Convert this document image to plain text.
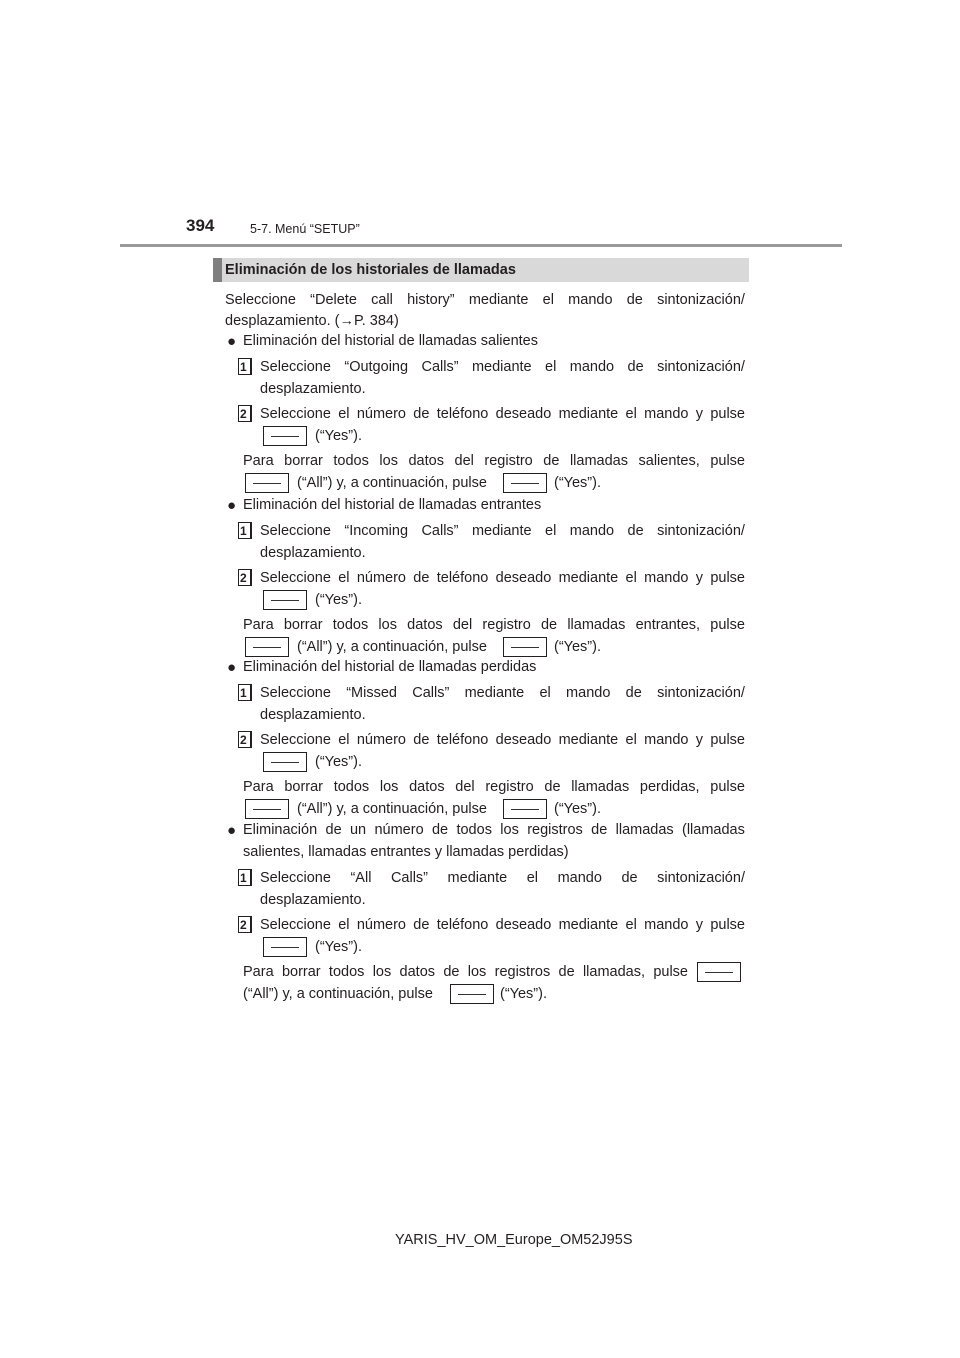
394	5-7. Menú “SETUP”
Eliminación de los historiales de llamadas
Seleccione “Delete call history” mediante el mando de sintonización/
desplazamiento. (→P. 384)
● Eliminación del historial de llamadas salientes
1 Seleccione “Outgoing Calls” mediante el mando de sintonización/
desplazamiento.
2 Seleccione el número de teléfono deseado mediante el mando y pulse
——	(“Yes”).
Para borrar todos los datos del registro de llamadas salientes, pulse
——	(“All”) y, a continuación, pulse	——	(“Yes”).
● Eliminación del historial de llamadas entrantes
1 Seleccione “Incoming Calls” mediante el mando de sintonización/
desplazamiento.
2 Seleccione el número de teléfono deseado mediante el mando y pulse
——	(“Yes”).
Para borrar todos los datos del registro de llamadas entrantes, pulse
——	(“All”) y, a continuación, pulse	——	(“Yes”).
● Eliminación del historial de llamadas perdidas
1 Seleccione “Missed Calls” mediante el mando de sintonización/
desplazamiento.
2 Seleccione el número de teléfono deseado mediante el mando y pulse
——	(“Yes”).
Para borrar todos los datos del registro de llamadas perdidas, pulse
——	(“All”) y, a continuación, pulse	——	(“Yes”).
● Eliminación de un número de todos los registros de llamadas (llamadas
salientes, llamadas entrantes y llamadas perdidas)
1 Seleccione “All Calls” mediante el mando de sintonización/
desplazamiento.
2 Seleccione el número de teléfono deseado mediante el mando y pulse
——	(“Yes”).
Para borrar todos los datos de los registros de llamadas, pulse	——
(“All”) y, a continuación, pulse	—— (“Yes”).
YARIS_HV_OM_Europe_OM52J95S
